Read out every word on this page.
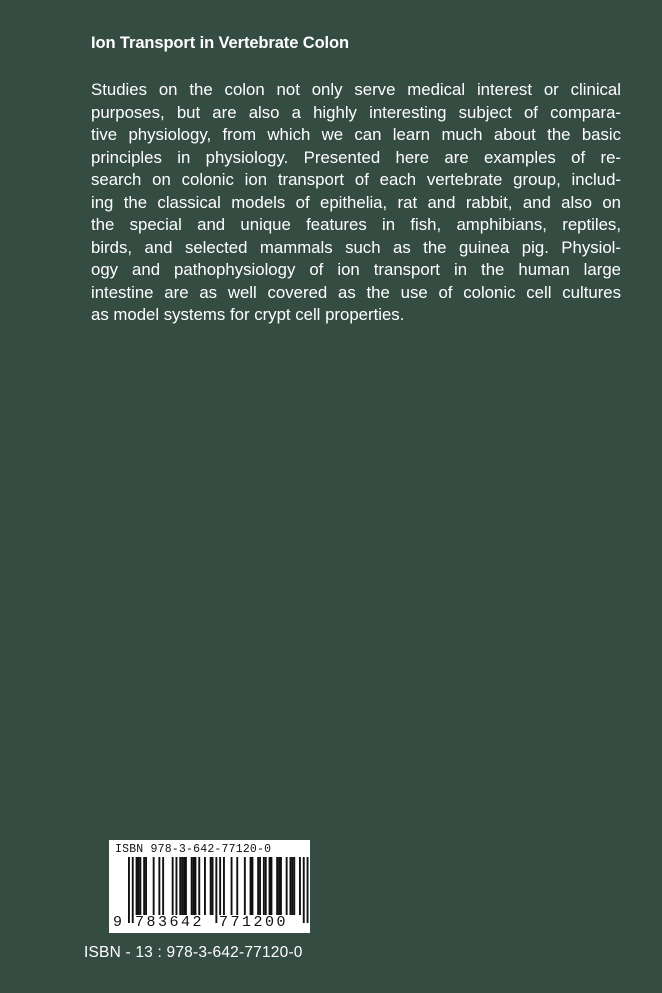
Ion Transport in Vertebrate Colon
Studies on the colon not only serve medical interest or clinical
purposes, but are also a highly interesting subject of compara-
tive physiology, from which we can learn much about the basic
principles in physiology. Presented here are examples of re-
search on colonic ion transport of each vertebrate group, includ-
ing the classical models of epithelia, rat and rabbit, and also on
the special and unique features in fish, amphibians, reptiles,
birds, and selected mammals such as the guinea pig. Physiol-
ogy and pathophysiology of ion transport in the human large
intestine are as well covered as the use of colonic cell cultures
as model systems for crypt cell properties.
ISBN 978-3-642-77120-0
9 783642 771200
ISBN - 13 : 978-3-642-77120-0
